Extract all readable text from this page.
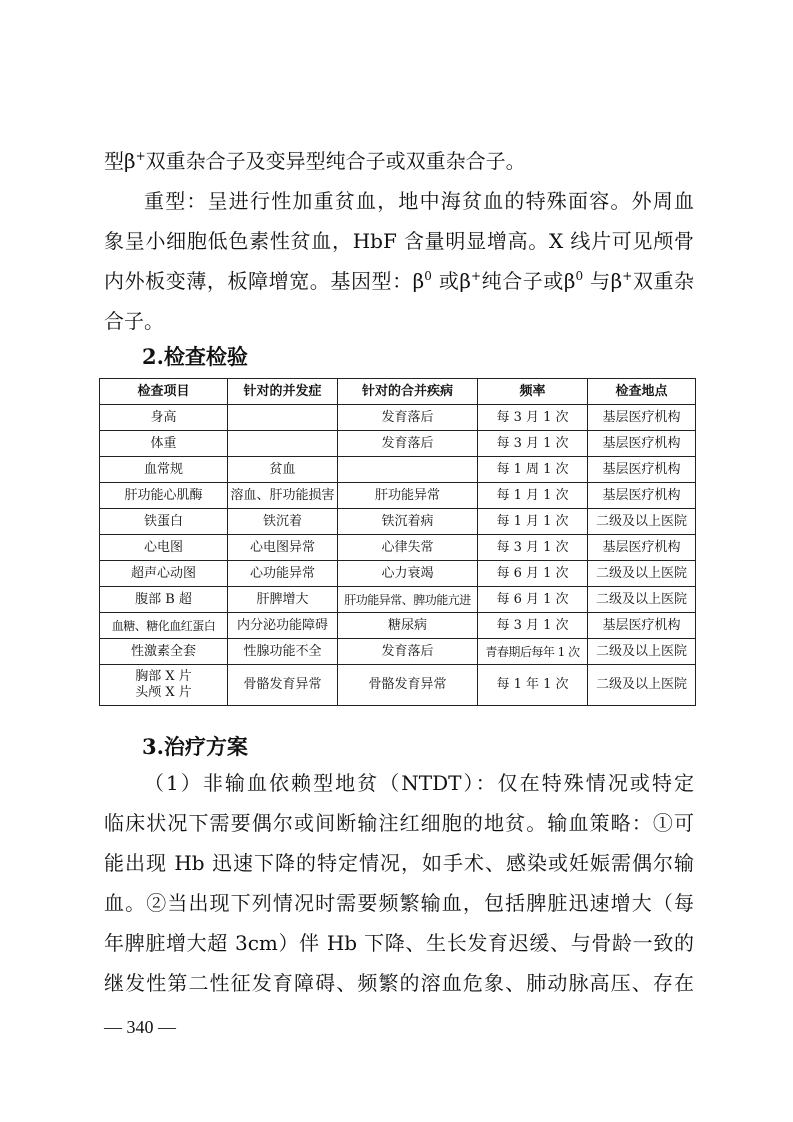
型β+双重杂合子及变异型纯合子或双重杂合子。

重型：呈进行性加重贫血，地中海贫血的特殊面容。外周血

象呈小细胞低色素性贫血，HbF 含量明显增高。X 线片可见颅骨

内外板变薄，板障增宽。基因型：$\beta^0$ 或β+纯合子或$\beta^0$ 与β+双重杂

合子。

2.检查检验
检查项目	针对的并发症	针对的合并疾病	频率	检查地点
身高		发育落后	每 3 月 1 次	基层医疗机构
体重		发育落后	每 3 月 1 次	基层医疗机构
血常规	贫血		每 1 周 1 次	基层医疗机构
肝功能心肌酶	溶血、肝功能损害	肝功能异常	每 1 月 1 次	基层医疗机构
铁蛋白	铁沉着	铁沉着病	每 1 月 1 次	二级及以上医院
心电图	心电图异常	心律失常	每 3 月 1 次	基层医疗机构
超声心动图	心功能异常	心力衰竭	每 6 月 1 次	二级及以上医院
腹部 B 超	肝脾增大	肝功能异常、脾功能亢进	每 6 月 1 次	二级及以上医院
血糖、糖化血红蛋白	内分泌功能障碍	糖尿病	每 3 月 1 次	基层医疗机构
性激素全套	性腺功能不全	发育落后	青春期后每年 1 次	二级及以上医院

胸部 X 片
头颅 X 片	骨骼发育异常	骨骼发育异常	每 1 年 1 次	二级及以上医院
3.治疗方案

（1）非输血依赖型地贫（NTDT）：仅在特殊情况或特定

临床状况下需要偶尔或间断输注红细胞的地贫。输血策略：①可

能出现 Hb 迅速下降的特定情况，如手术、感染或妊娠需偶尔输

血。②当出现下列情况时需要频繁输血，包括脾脏迅速增大（每

年脾脏增大超 3cm）伴 Hb 下降、生长发育迟缓、与骨龄一致的

继发性第二性征发育障碍、频繁的溶血危象、肺动脉高压、存在

— 340 —
